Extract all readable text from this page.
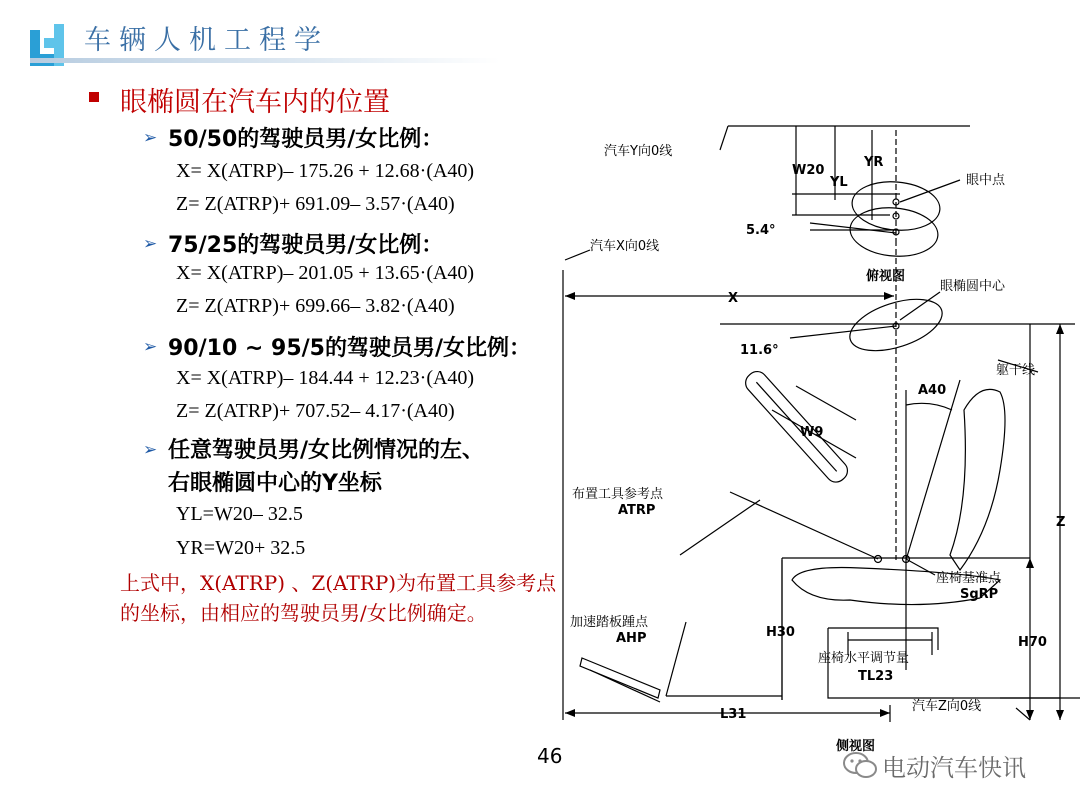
车辆人机工程学
眼椭圆在汽车内的位置
➢ 50/50的驾驶员男/女比例：
X= X(ATRP)– 175.26 + 12.68·(A40)
Z= Z(ATRP)+ 691.09– 3.57·(A40)
➢ 75/25的驾驶员男/女比例：
X= X(ATRP)– 201.05 + 13.65·(A40)
Z= Z(ATRP)+ 699.66– 3.82·(A40)
➢ 90/10 ~ 95/5的驾驶员男/女比例：
X= X(ATRP)– 184.44 + 12.23·(A40)
Z= Z(ATRP)+ 707.52– 4.17·(A40)
➢ 任意驾驶员男/女比例情况的左、
右眼椭圆中心的Y坐标
YL=W20– 32.5
YR=W20+ 32.5
上式中，X(ATRP) 、Z(ATRP)为布置工具参考点的坐标，由相应的驾驶员男/女比例确定。
46
汽车Y向0线
汽车X向0线
W20
YL
YR
眼中点
5.4°
俯视图
眼椭圆中心
X
11.6°
A40
躯干线
W9
布置工具参考点
ATRP
座椅基准点
SgRP
Z
加速踏板踵点
AHP	H30
H70
座椅水平调节量
TL23
L31
汽车Z向0线
侧视图
电动汽车快讯
